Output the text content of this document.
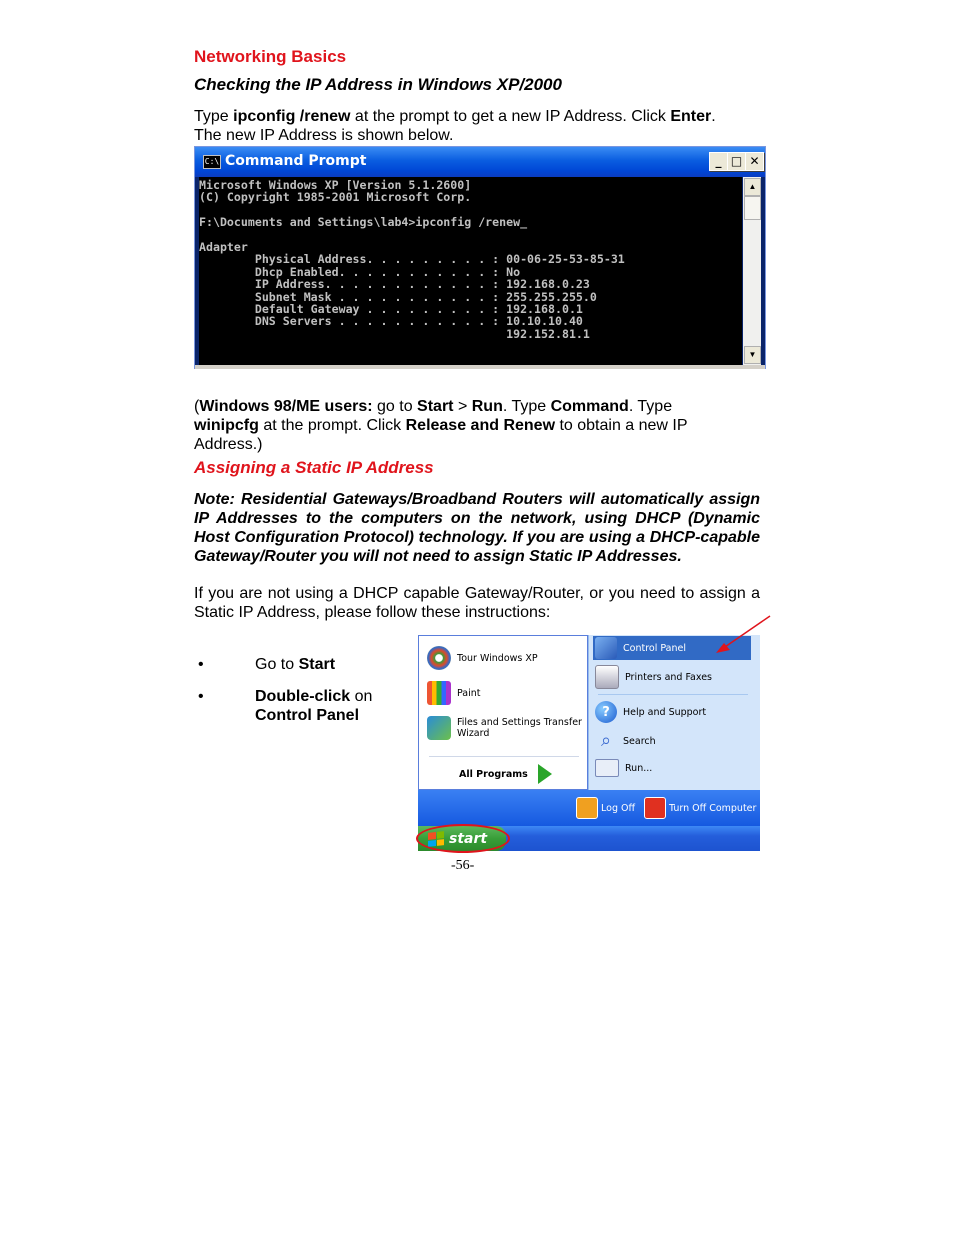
Networking Basics
Checking the IP Address in Windows XP/2000
Type ipconfig /renew at the prompt to get a new IP Address. Click Enter.
The new IP Address is shown below.
C:\ Command Prompt	_ □ ✕
Microsoft Windows XP [Version 5.1.2600]
(C) Copyright 1985-2001 Microsoft Corp.

F:\Documents and Settings\lab4>ipconfig /renew_

Adapter
Physical Address. . . . . . . . . : 00-06-25-53-85-31
Dhcp Enabled. . . . . . . . . . . : No
IP Address. . . . . . . . . . . . : 192.168.0.23
Subnet Mask . . . . . . . . . . . : 255.255.255.0
Default Gateway . . . . . . . . . : 192.168.0.1
DNS Servers . . . . . . . . . . . : 10.10.10.40
192.152.81.1
▲
▼
(Windows 98/ME users: go to Start > Run. Type Command. Type
winipcfg at the prompt. Click Release and Renew to obtain a new IP
Address.)
Assigning a Static IP Address
Note: Residential Gateways/Broadband Routers will automatically assign IP Addresses to the computers on the network, using DHCP (Dynamic Host Configuration Protocol) technology. If you are using a DHCP-capable Gateway/Router you will not need to assign Static IP Addresses.
If you are not using a DHCP capable Gateway/Router, or you need to assign a Static IP Address, please follow these instructions:
•	Go to Start
•	Double-click on
Control Panel
Tour Windows XP
Paint
Files and Settings Transfer
Wizard
All Programs
Control Panel
Printers and Faxes
?	Help and Support
⌕	Search
Run...
Log Off	Turn Off Computer
start
-56-
